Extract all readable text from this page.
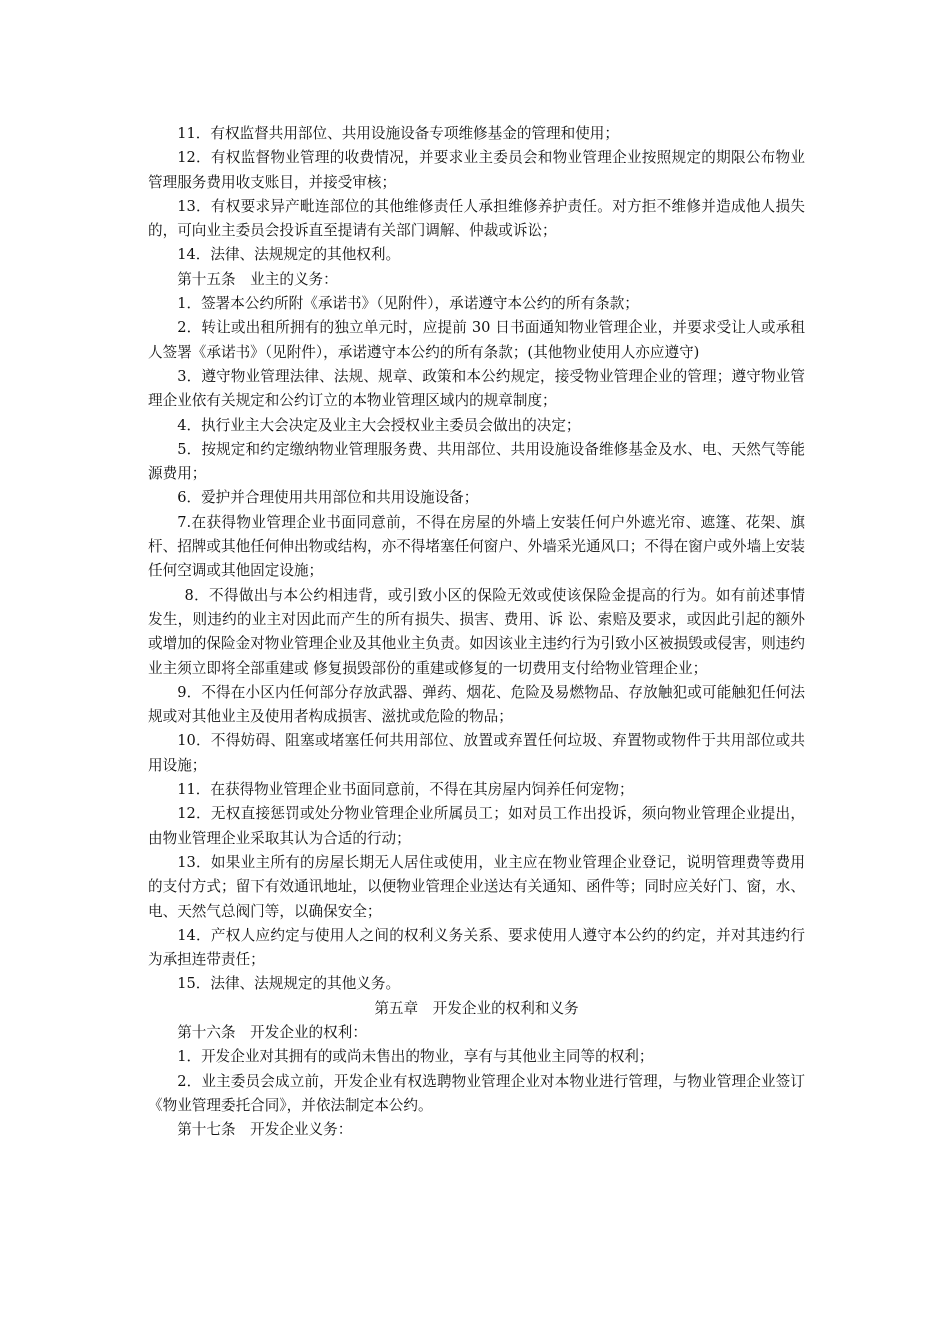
11．有权监督共用部位、共用设施设备专项维修基金的管理和使用；

12．有权监督物业管理的收费情况，并要求业主委员会和物业管理企业按照规定的期限公布物业管理服务费用收支账目，并接受审核；

13．有权要求异产毗连部位的其他维修责任人承担维修养护责任。对方拒不维修并造成他人损失的，可向业主委员会投诉直至提请有关部门调解、仲裁或诉讼；

14．法律、法规规定的其他权利。

第十五条　业主的义务：

1．签署本公约所附《承诺书》（见附件），承诺遵守本公约的所有条款；

2．转让或出租所拥有的独立单元时，应提前 30 日书面通知物业管理企业，并要求受让人或承租人签署《承诺书》（见附件），承诺遵守本公约的所有条款；(其他物业使用人亦应遵守)

3．遵守物业管理法律、法规、规章、政策和本公约规定，接受物业管理企业的管理；遵守物业管理企业依有关规定和公约订立的本物业管理区域内的规章制度；

4．执行业主大会决定及业主大会授权业主委员会做出的决定；

5．按规定和约定缴纳物业管理服务费、共用部位、共用设施设备维修基金及水、电、天然气等能源费用；

6．爱护并合理使用共用部位和共用设施设备；

7.在获得物业管理企业书面同意前，不得在房屋的外墙上安装任何户外遮光帘、遮篷、花架、旗杆、招牌或其他任何伸出物或结构，亦不得堵塞任何窗户、外墙采光通风口；不得在窗户或外墙上安装任何空调或其他固定设施；

8．不得做出与本公约相违背，或引致小区的保险无效或使该保险金提高的行为。如有前述事情发生，则违约的业主对因此而产生的所有损失、损害、费用、诉 讼、索赔及要求，或因此引起的额外或增加的保险金对物业管理企业及其他业主负责。如因该业主违约行为引致小区被损毁或侵害，则违约业主须立即将全部重建或 修复损毁部份的重建或修复的一切费用支付给物业管理企业；

9．不得在小区内任何部分存放武器、弹药、烟花、危险及易燃物品、存放触犯或可能触犯任何法规或对其他业主及使用者构成损害、滋扰或危险的物品；

10．不得妨碍、阻塞或堵塞任何共用部位、放置或弃置任何垃圾、弃置物或物件于共用部位或共用设施；

11．在获得物业管理企业书面同意前，不得在其房屋内饲养任何宠物；

12．无权直接惩罚或处分物业管理企业所属员工；如对员工作出投诉，须向物业管理企业提出，由物业管理企业采取其认为合适的行动；

13．如果业主所有的房屋长期无人居住或使用，业主应在物业管理企业登记，说明管理费等费用的支付方式；留下有效通讯地址，以便物业管理企业送达有关通知、函件等；同时应关好门、窗，水、电、天然气总阀门等，以确保安全；

14．产权人应约定与使用人之间的权利义务关系、要求使用人遵守本公约的约定，并对其违约行为承担连带责任；

15．法律、法规规定的其他义务。

第五章　开发企业的权利和义务

第十六条　开发企业的权利：

1．开发企业对其拥有的或尚未售出的物业，享有与其他业主同等的权利；

2．业主委员会成立前，开发企业有权选聘物业管理企业对本物业进行管理，与物业管理企业签订《物业管理委托合同》，并依法制定本公约。

第十七条　开发企业义务：
